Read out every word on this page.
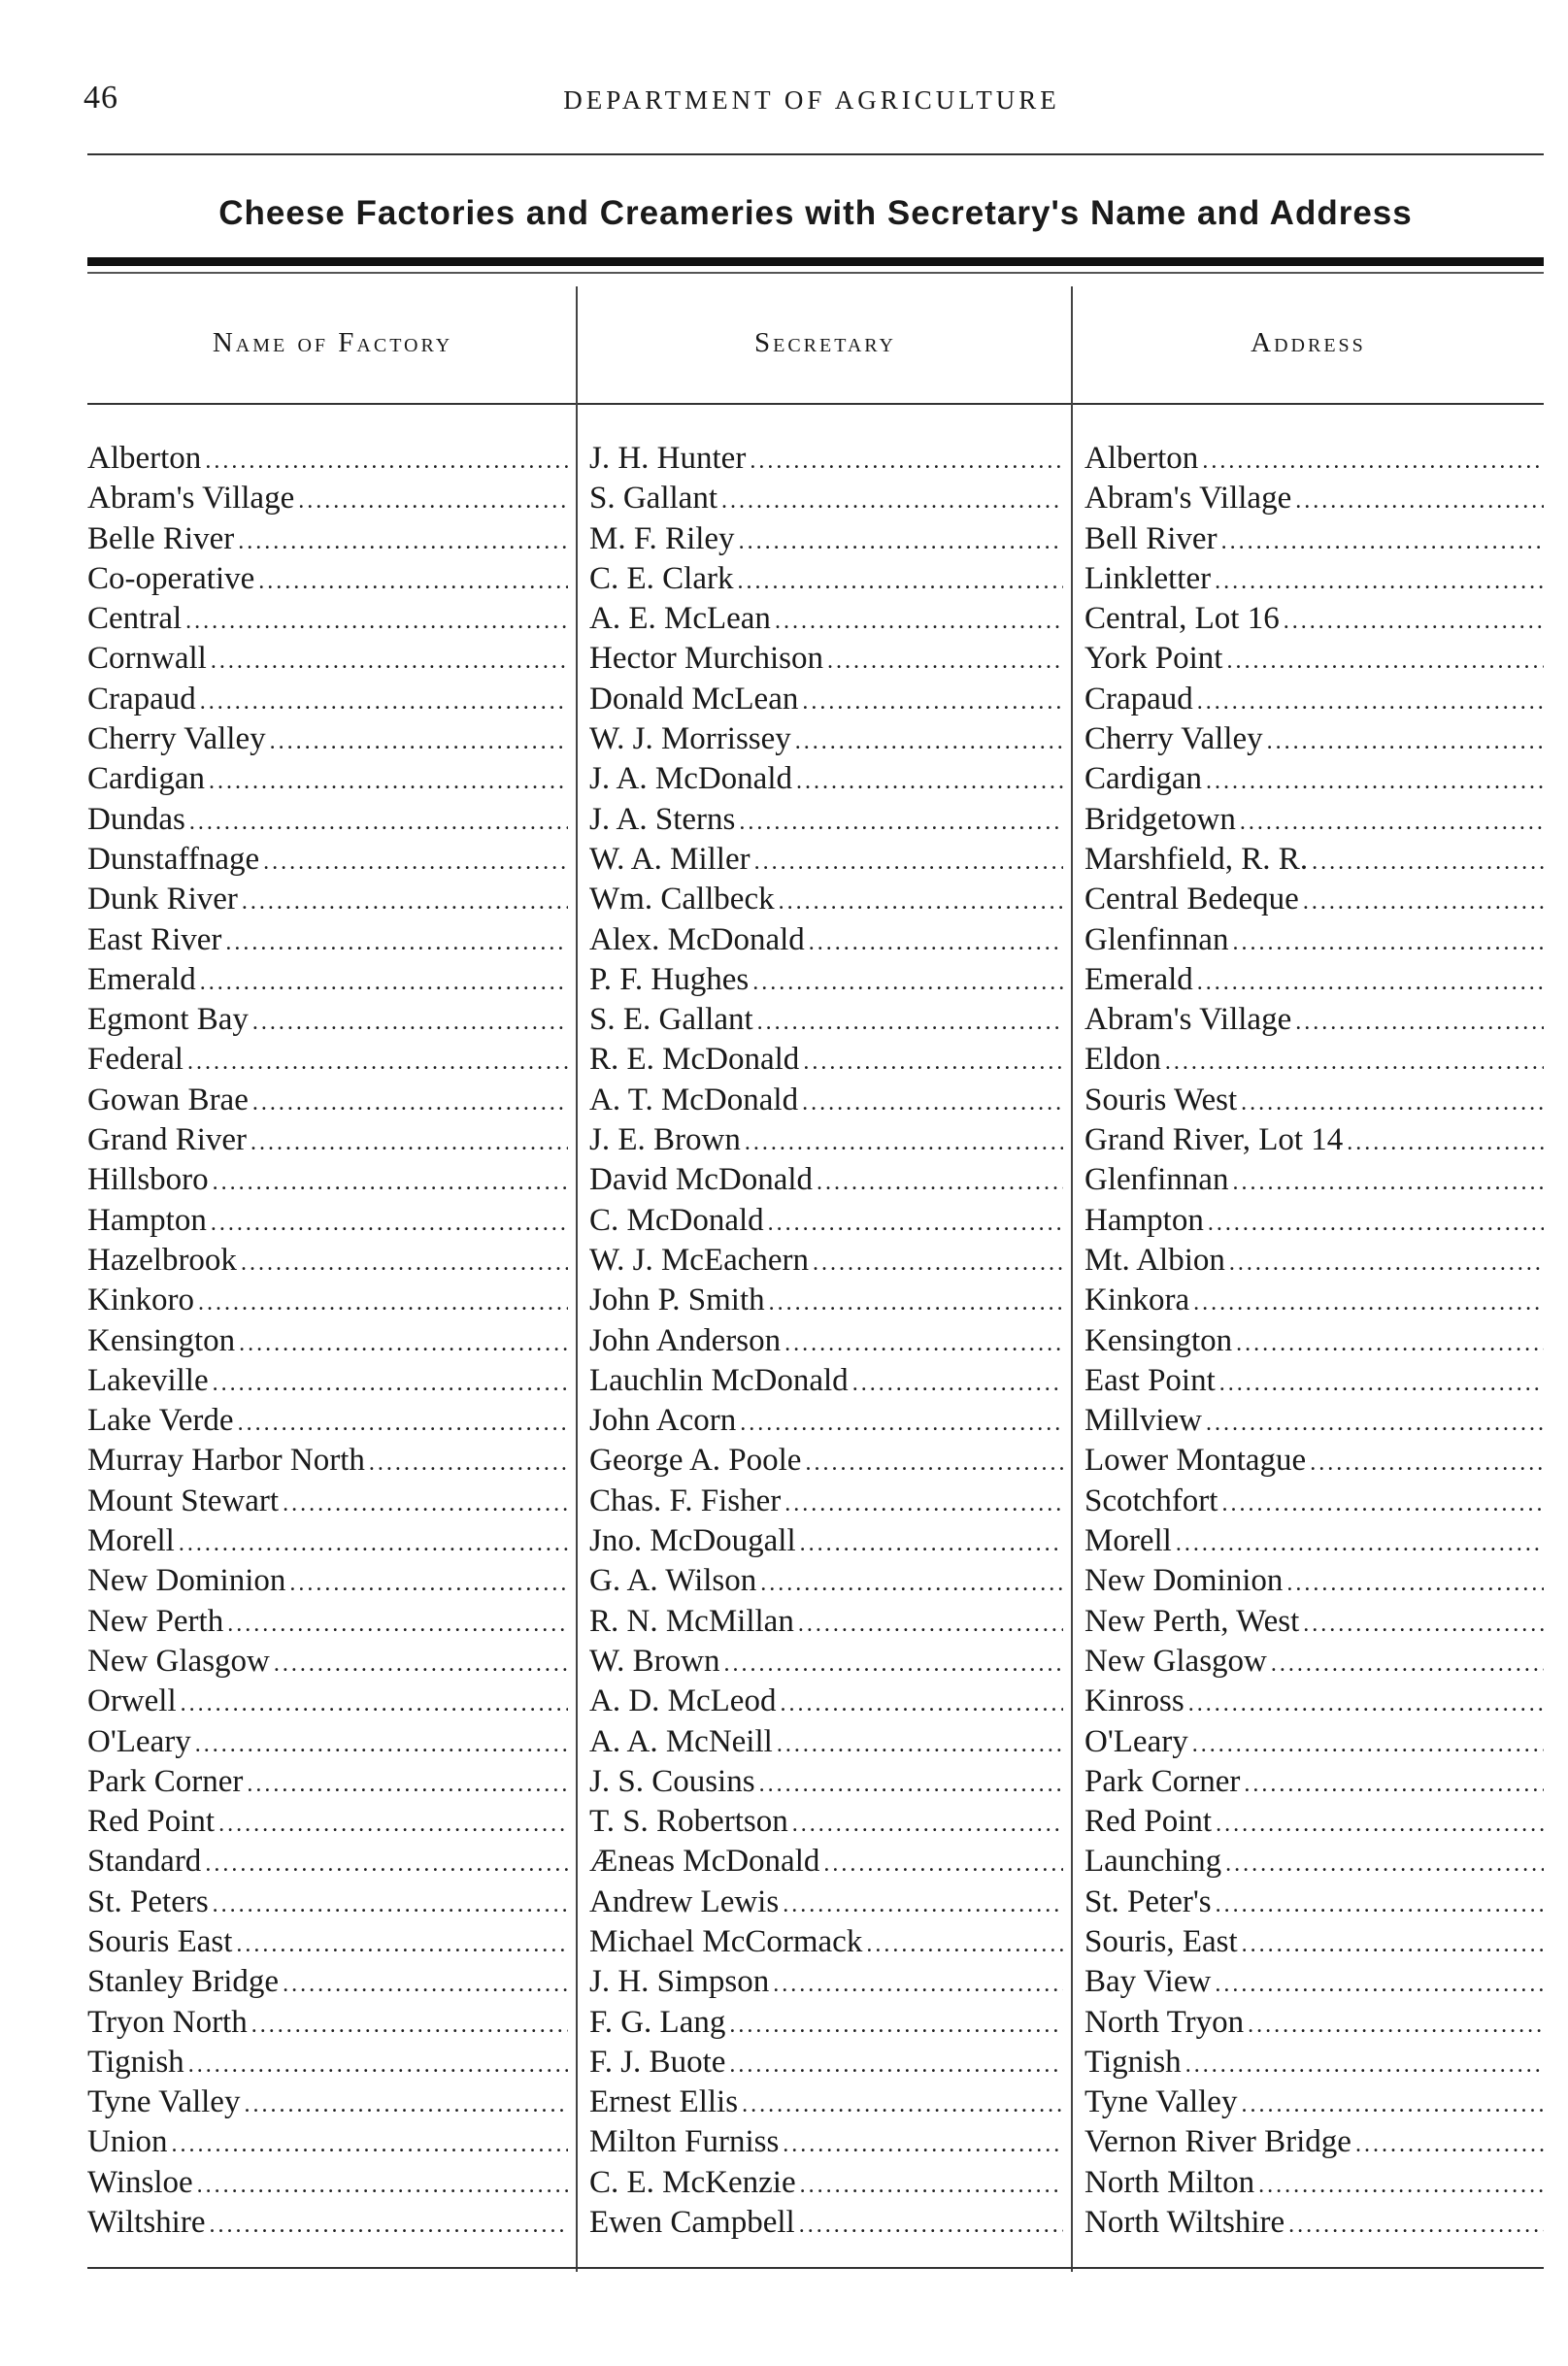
46	DEPARTMENT OF AGRICULTURE
Cheese Factories and Creameries with Secretary's Name and Address
Name of Factory	Secretary	Address
Alberton .....	J. H. Hunter .....	Alberton
.....
Abram's Village .....	S. Gallant .....	Abram's Village
.....
Belle River .....	M. F. Riley .....	Bell River
.....
Co-operative .....	C. E. Clark .....	Linkletter
.....
Central .....	A. E. McLean .....	Central, Lot 16
.....
Cornwall .....	Hector Murchison .....	York Point
.....
Crapaud .....	Donald McLean .....	Crapaud
.....
Cherry Valley .....	W. J. Morrissey .....	Cherry Valley
.....
Cardigan .....	J. A. McDonald .....	Cardigan
.....
Dundas .....	J. A. Sterns .....	Bridgetown
.....
Dunstaffnage .....	W. A. Miller .....	Marshfield, R. R.
.....
Dunk River .....	Wm. Callbeck .....	Central Bedeque
.....
East River .....	Alex. McDonald .....	Glenfinnan
.....
Emerald .....	P. F. Hughes .....	Emerald
.....
Egmont Bay .....	S. E. Gallant .....	Abram's Village
.....
Federal .....	R. E. McDonald .....	Eldon
.....
Gowan Brae .....	A. T. McDonald .....	Souris West
.....
Grand River .....	J. E. Brown .....	Grand River, Lot 14
.....
Hillsboro .....	David McDonald .....	Glenfinnan
.....
Hampton .....	C. McDonald .....	Hampton
.....
Hazelbrook .....	W. J. McEachern .....	Mt. Albion
.....
Kinkoro .....	John P. Smith .....	Kinkora
.....
Kensington .....	John Anderson .....	Kensington
.....
Lakeville .....	Lauchlin McDonald .....	East Point
.....
Lake Verde .....	John Acorn .....	Millview
.....
Murray Harbor North .....	George A. Poole .....	Lower Montague
.....
Mount Stewart .....	Chas. F. Fisher .....	Scotchfort
.....
Morell .....	Jno. McDougall .....	Morell
.....
New Dominion .....	G. A. Wilson .....	New Dominion
.....
New Perth .....	R. N. McMillan .....	New Perth, West
.....
New Glasgow .....	W. Brown .....	New Glasgow
.....
Orwell .....	A. D. McLeod .....	Kinross
.....
O'Leary .....	A. A. McNeill .....	O'Leary
.....
Park Corner .....	J. S. Cousins .....	Park Corner
.....
Red Point .....	T. S. Robertson .....	Red Point
.....
Standard .....	Æneas McDonald .....	Launching
.....
St. Peters .....	Andrew Lewis .....	St. Peter's
.....
Souris East .....	Michael McCormack .....	Souris, East
.....
Stanley Bridge .....	J. H. Simpson .....	Bay View
.....
Tryon North .....	F. G. Lang .....	North Tryon
.....
Tignish .....	F. J. Buote .....	Tignish
.....
Tyne Valley .....	Ernest Ellis .....	Tyne Valley
.....
Union .....	Milton Furniss .....	Vernon River Bridge
.....
Winsloe .....	C. E. McKenzie .....	North Milton
.....
Wiltshire .....	Ewen Campbell .....	North Wiltshire
.....
